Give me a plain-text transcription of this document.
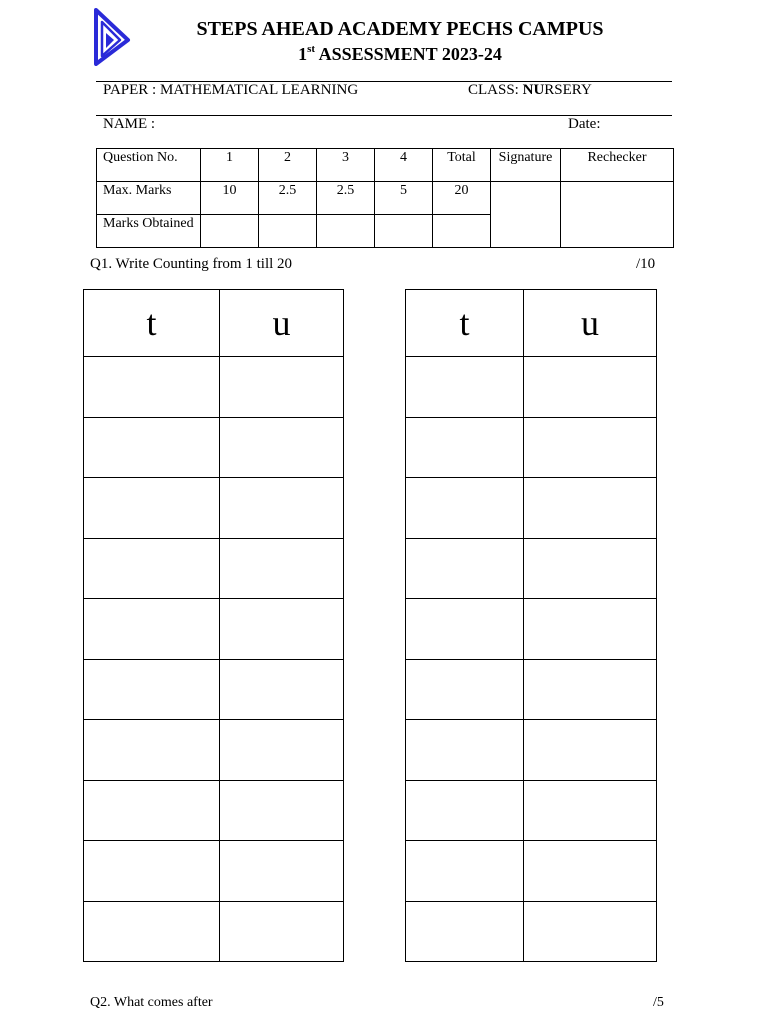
STEPS AHEAD ACADEMY PECHS CAMPUS
1st ASSESSMENT 2023-24
PAPER : MATHEMATICAL LEARNING	CLASS: NURSERY
NAME :	Date:
Question No.	1	2	3	4	Total	Signature	Rechecker
Max. Marks	10	2.5	2.5	5	20		
Marks Obtained							
Q1. Write Counting from 1 till 20	/10
t	u

		t	u

Q2. What comes after	/5
